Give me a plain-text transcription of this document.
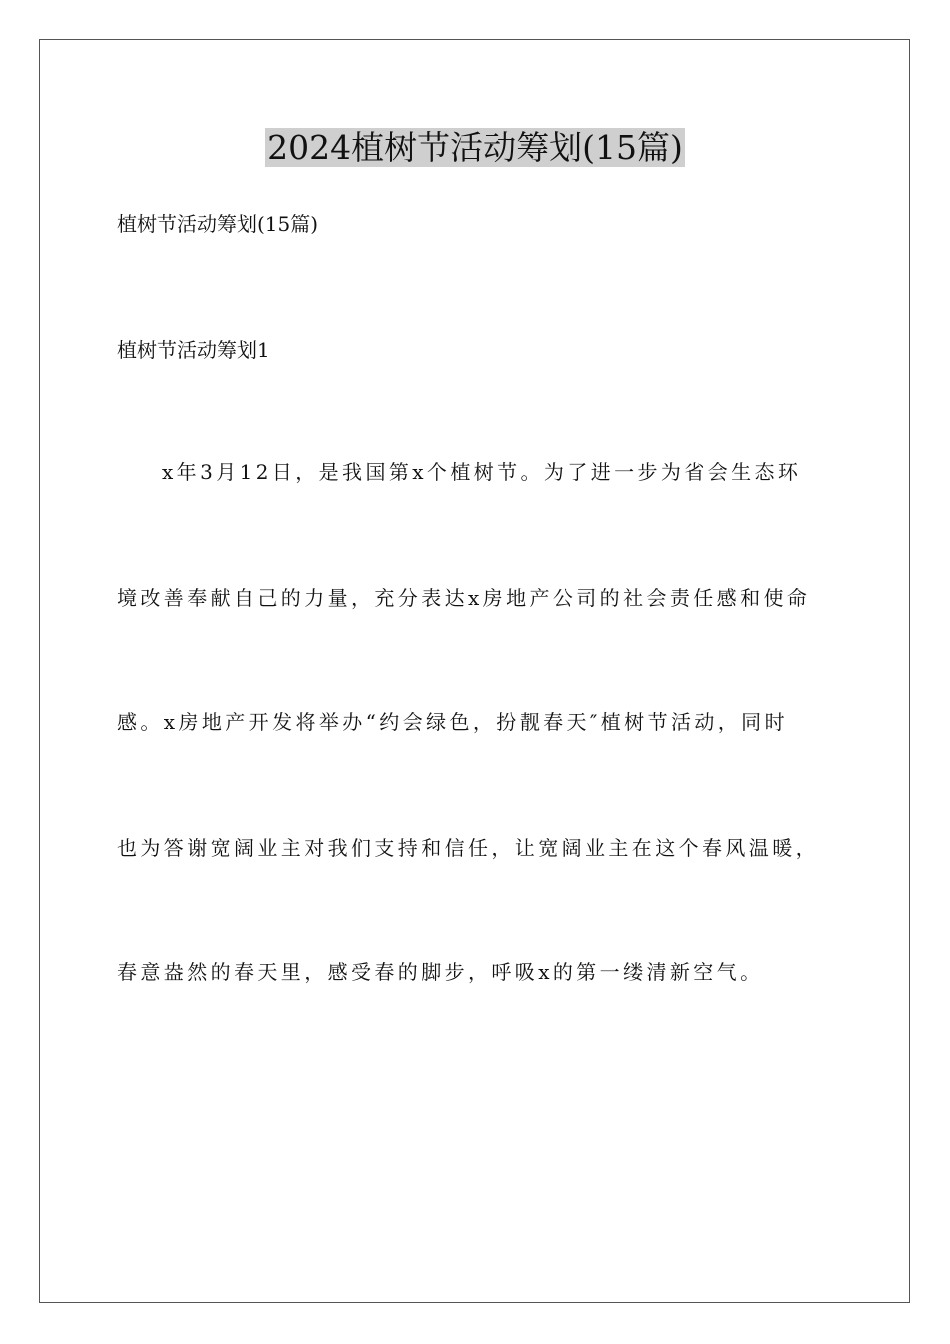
2024植树节活动筹划(15篇)

植树节活动筹划(15篇)

植树节活动筹划1

x年3月12日，是我国第x个植树节。为了进一步为省会生态环

境改善奉献自己的力量，充分表达x房地产公司的社会责任感和使命

感。x房地产开发将举办“约会绿色，扮靓春天″植树节活动，同时

也为答谢宽阔业主对我们支持和信任，让宽阔业主在这个春风温暖，

春意盎然的春天里，感受春的脚步，呼吸x的第一缕清新空气。
